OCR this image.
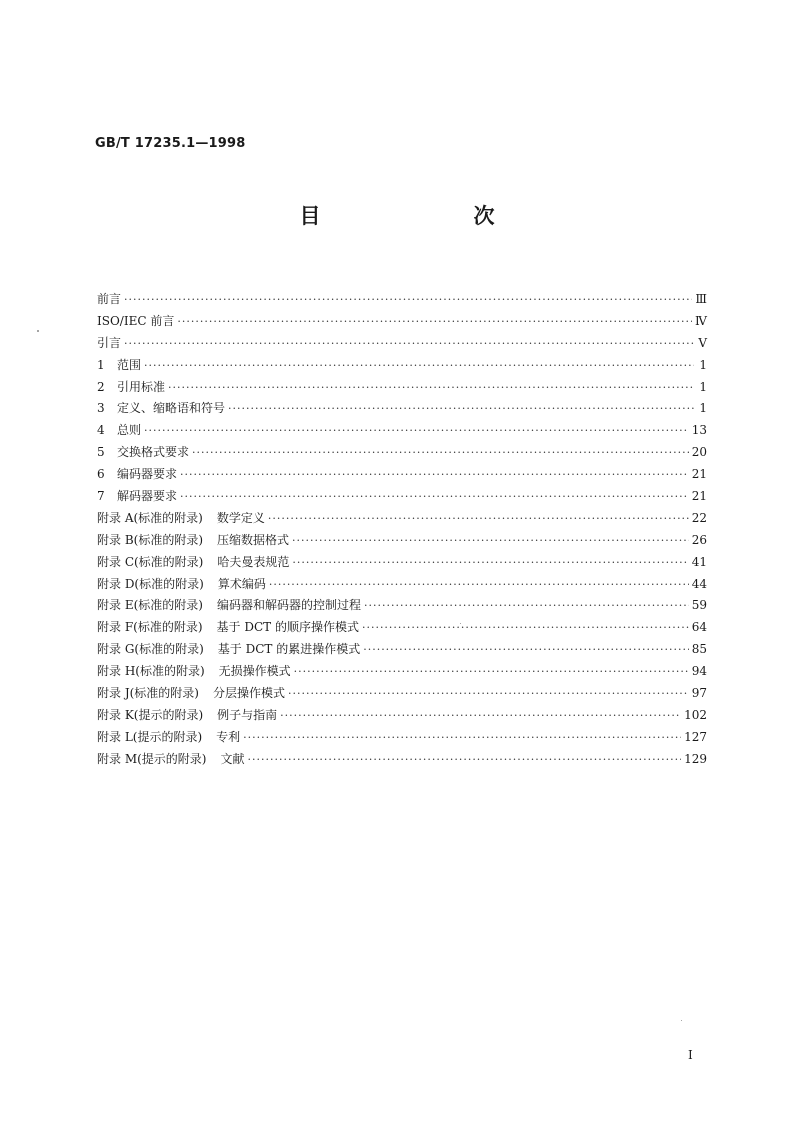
GB/T 17235.1—1998
目　次
前言 ·····	Ⅲ
ISO/IEC 前言 ·····	Ⅳ
引言 ·····	Ⅴ
1	范围 ·····	1
2	引用标准 ·····	1
3	定义、缩略语和符号 ·····	1
4	总则 ·····	13
5	交换格式要求 ·····	20
6	编码器要求 ·····	21
7	解码器要求 ·····	21
附录 A(标准的附录) 数学定义 ·····	22
附录 B(标准的附录) 压缩数据格式 ·····	26
附录 C(标准的附录) 哈夫曼表规范 ·····	41
附录 D(标准的附录) 算术编码 ·····	44
附录 E(标准的附录) 编码器和解码器的控制过程 ·····	59
附录 F(标准的附录) 基于 DCT 的顺序操作模式 ·····	64
附录 G(标准的附录) 基于 DCT 的累进操作模式 ·····	85
附录 H(标准的附录) 无损操作模式 ·····	94
附录 J(标准的附录) 分层操作模式 ·····	97
附录 K(提示的附录) 例子与指南 ·····	102
附录 L(提示的附录) 专利 ·····	127
附录 M(提示的附录) 文献 ·····	129
I
